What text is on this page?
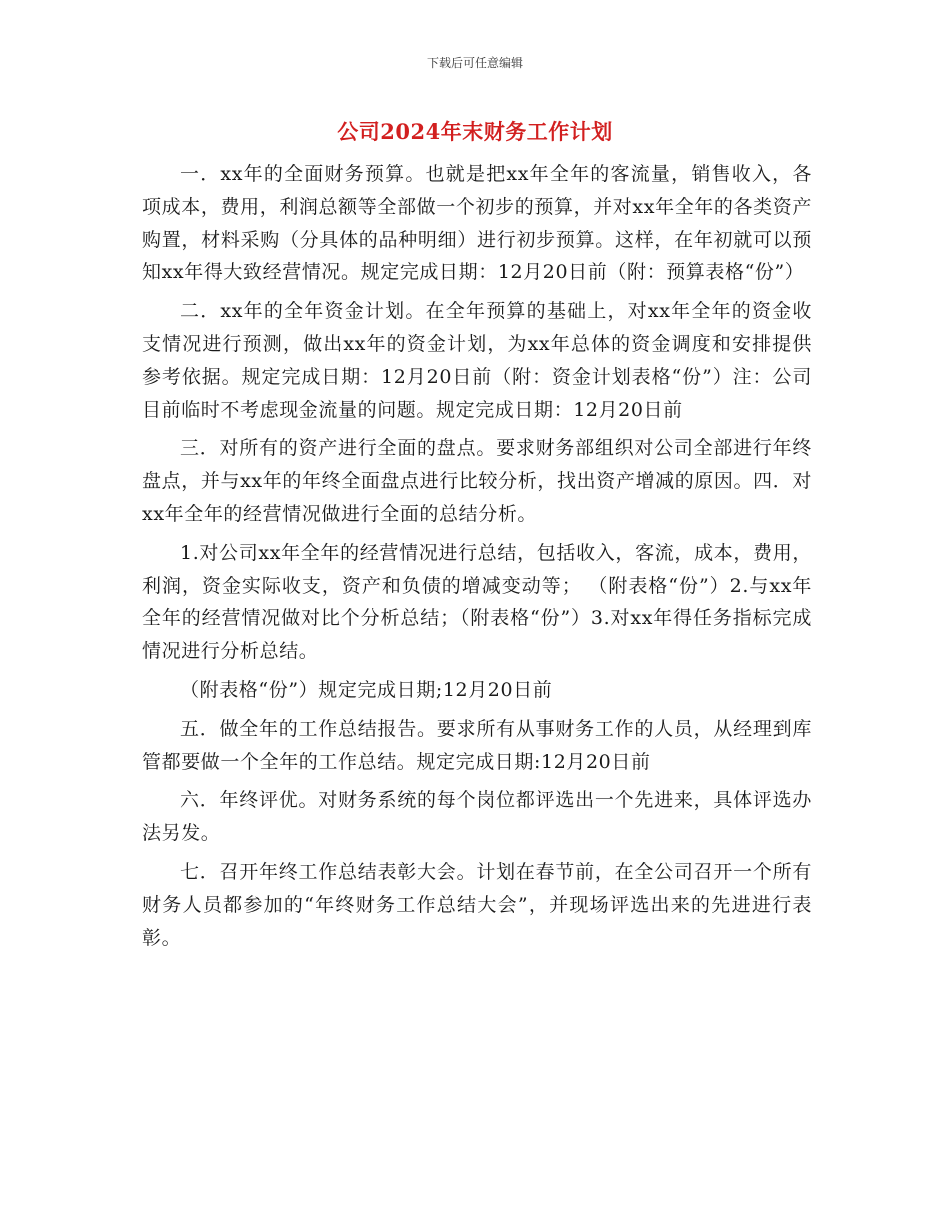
下载后可任意编辑
公司2024年末财务工作计划

一．xx年的全面财务预算。也就是把xx年全年的客流量，销售收入，各项成本，费用，利润总额等全部做一个初步的预算，并对xx年全年的各类资产购置，材料采购（分具体的品种明细）进行初步预算。这样，在年初就可以预知xx年得大致经营情况。规定完成日期：12月20日前（附：预算表格“份”）

二．xx年的全年资金计划。在全年预算的基础上，对xx年全年的资金收支情况进行预测，做出xx年的资金计划，为xx年总体的资金调度和安排提供参考依据。规定完成日期：12月20日前（附：资金计划表格“份”）注：公司目前临时不考虑现金流量的问题。规定完成日期：12月20日前

三．对所有的资产进行全面的盘点。要求财务部组织对公司全部进行年终盘点，并与xx年的年终全面盘点进行比较分析，找出资产增减的原因。四．对xx年全年的经营情况做进行全面的总结分析。

1.对公司xx年全年的经营情况进行总结，包括收入，客流，成本，费用，利润，资金实际收支，资产和负债的增减变动等； （附表格“份”）2.与xx年全年的经营情况做对比个分析总结；（附表格“份”）3.对xx年得任务指标完成情况进行分析总结。

（附表格“份”）规定完成日期;12月20日前

五．做全年的工作总结报告。要求所有从事财务工作的人员，从经理到库管都要做一个全年的工作总结。规定完成日期:12月20日前

六．年终评优。对财务系统的每个岗位都评选出一个先进来，具体评选办法另发。

七．召开年终工作总结表彰大会。计划在春节前，在全公司召开一个所有财务人员都参加的“年终财务工作总结大会”，并现场评选出来的先进进行表彰。
